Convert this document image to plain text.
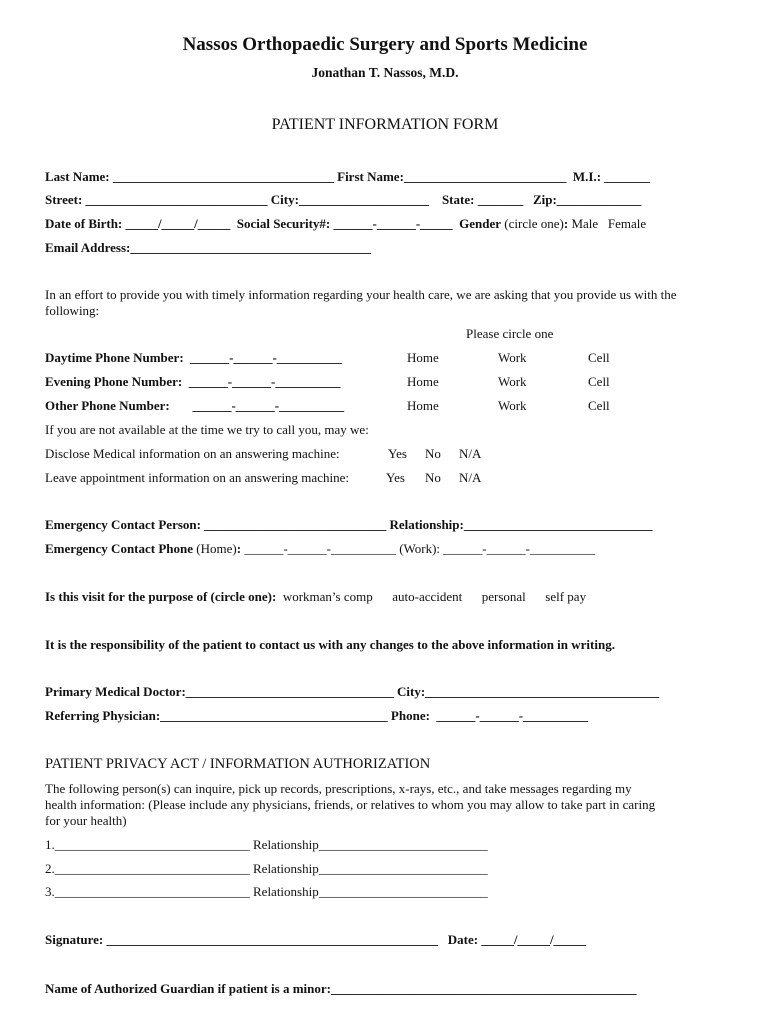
Nassos Orthopaedic Surgery and Sports Medicine
Jonathan T. Nassos, M.D.
PATIENT INFORMATION FORM
Last Name: __________________________________ First Name:_________________________  M.I.: _______
Street: ____________________________ City:____________________    State: _______   Zip:_____________
Date of Birth: _____/_____/_____  Social Security#: ______-______-_____  Gender (circle one): Male   Female
Email Address:_____________________________________
In an effort to provide you with timely information regarding your health care, we are asking that you provide us with the following:
Please circle one
Daytime Phone Number:  ______-______-__________	Home	Work	Cell
Evening Phone Number:  ______-______-__________	Home	Work	Cell
Other Phone Number:       ______-______-__________	Home	Work	Cell
If you are not available at the time we try to call you, may we:
Disclose Medical information on an answering machine:	Yes No N/A
Leave appointment information on an answering machine:	Yes No N/A
Emergency Contact Person: ____________________________ Relationship:_____________________________
Emergency Contact Phone (Home): ______-______-__________ (Work): ______-______-__________
Is this visit for the purpose of (circle one):  workman’s comp      auto-accident      personal      self pay
It is the responsibility of the patient to contact us with any changes to the above information in writing.
Primary Medical Doctor:________________________________ City:____________________________________
Referring Physician:___________________________________ Phone:  ______-______-__________
PATIENT PRIVACY ACT / INFORMATION AUTHORIZATION
The following person(s) can inquire, pick up records, prescriptions, x-rays, etc., and take messages regarding my health information: (Please include any physicians, friends, or relatives to whom you may allow to take part in caring for your health)
1.______________________________ Relationship__________________________
2.______________________________ Relationship__________________________
3.______________________________ Relationship__________________________
Signature: ___________________________________________________   Date: _____/_____/_____
Name of Authorized Guardian if patient is a minor:_______________________________________________
